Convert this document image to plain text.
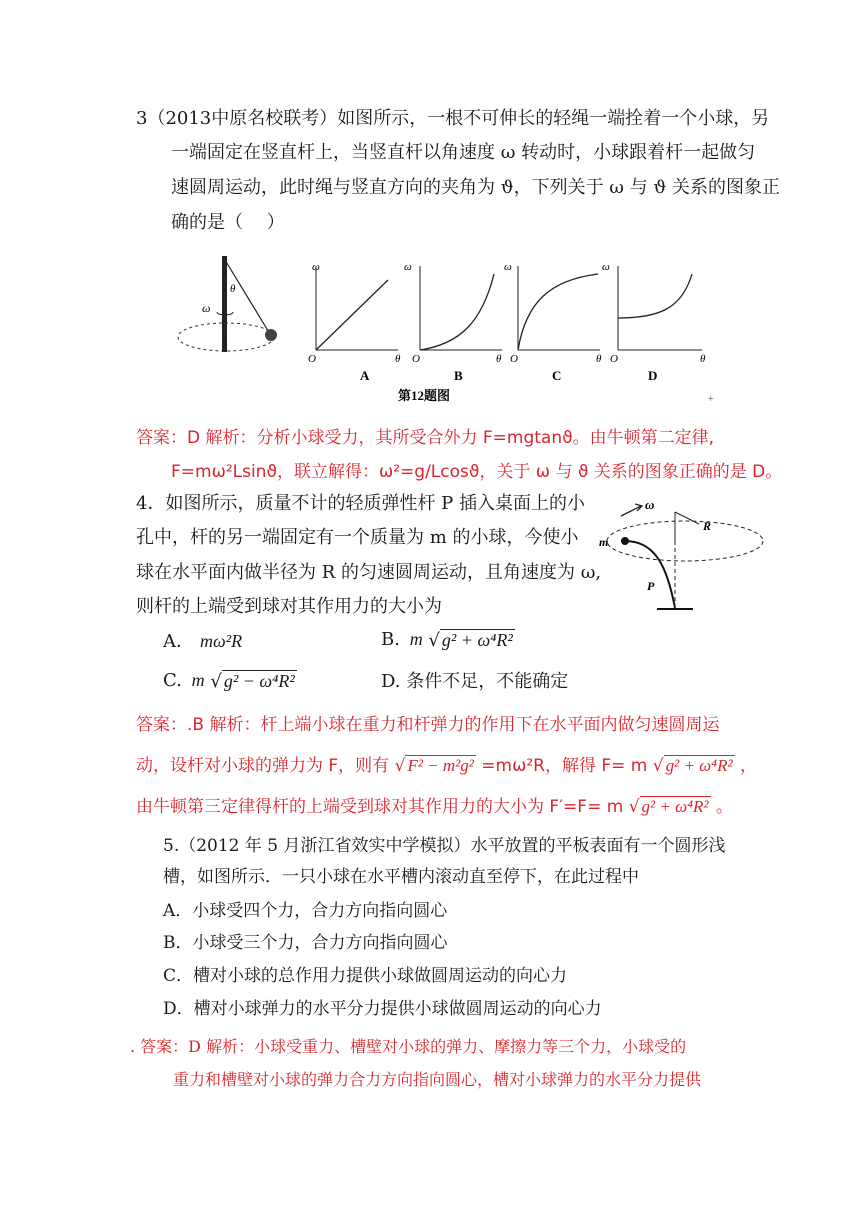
3（2013中原名校联考）如图所示，一根不可伸长的轻绳一端拴着一个小球，另
一端固定在竖直杆上，当竖直杆以角速度 ω 转动时，小球跟着杆一起做匀
速圆周运动，此时绳与竖直方向的夹角为 ϑ，下列关于 ω 与 ϑ 关系的图象正
确的是（　 ）
ω
θ
ω
O	θ
A
ω
O	θ
B
ω
O	θ
C
ω
O	θ
D
第12题图	+
答案：D 解析：分析小球受力，其所受合外力 F=mgtanϑ。由牛顿第二定律,
F=mω²Lsinϑ，联立解得：ω²=g/Lcosϑ，关于 ω 与 ϑ 关系的图象正确的是 D。
4．如图所示，质量不计的轻质弹性杆 P 插入桌面上的小
孔中，杆的另一端固定有一个质量为 m 的小球，今使小
球在水平面内做半径为 R 的匀速圆周运动，且角速度为 ω,
则杆的上端受到球对其作用力的大小为
ω
m
R
P
A． mω²R	B. m √ g² + ω⁴R²
C. m √ g² − ω⁴R²	D. 条件不足，不能确定
答案：.B 解析：杆上端小球在重力和杆弹力的作用下在水平面内做匀速圆周运
动，设杆对小球的弹力为 F，则有 √ F² − m²g² =mω²R，解得 F= m √ g² + ω⁴R² ，
由牛顿第三定律得杆的上端受到球对其作用力的大小为 F′=F= m √ g² + ω⁴R² 。
5.（2012 年 5 月浙江省效实中学模拟）水平放置的平板表面有一个圆形浅
槽，如图所示．一只小球在水平槽内滚动直至停下，在此过程中
A．小球受四个力，合力方向指向圆心
B．小球受三个力，合力方向指向圆心
C．槽对小球的总作用力提供小球做圆周运动的向心力
D．槽对小球弹力的水平分力提供小球做圆周运动的向心力
. 答案：D 解析：小球受重力、槽壁对小球的弹力、摩擦力等三个力，小球受的
重力和槽壁对小球的弹力合力方向指向圆心，槽对小球弹力的水平分力提供
